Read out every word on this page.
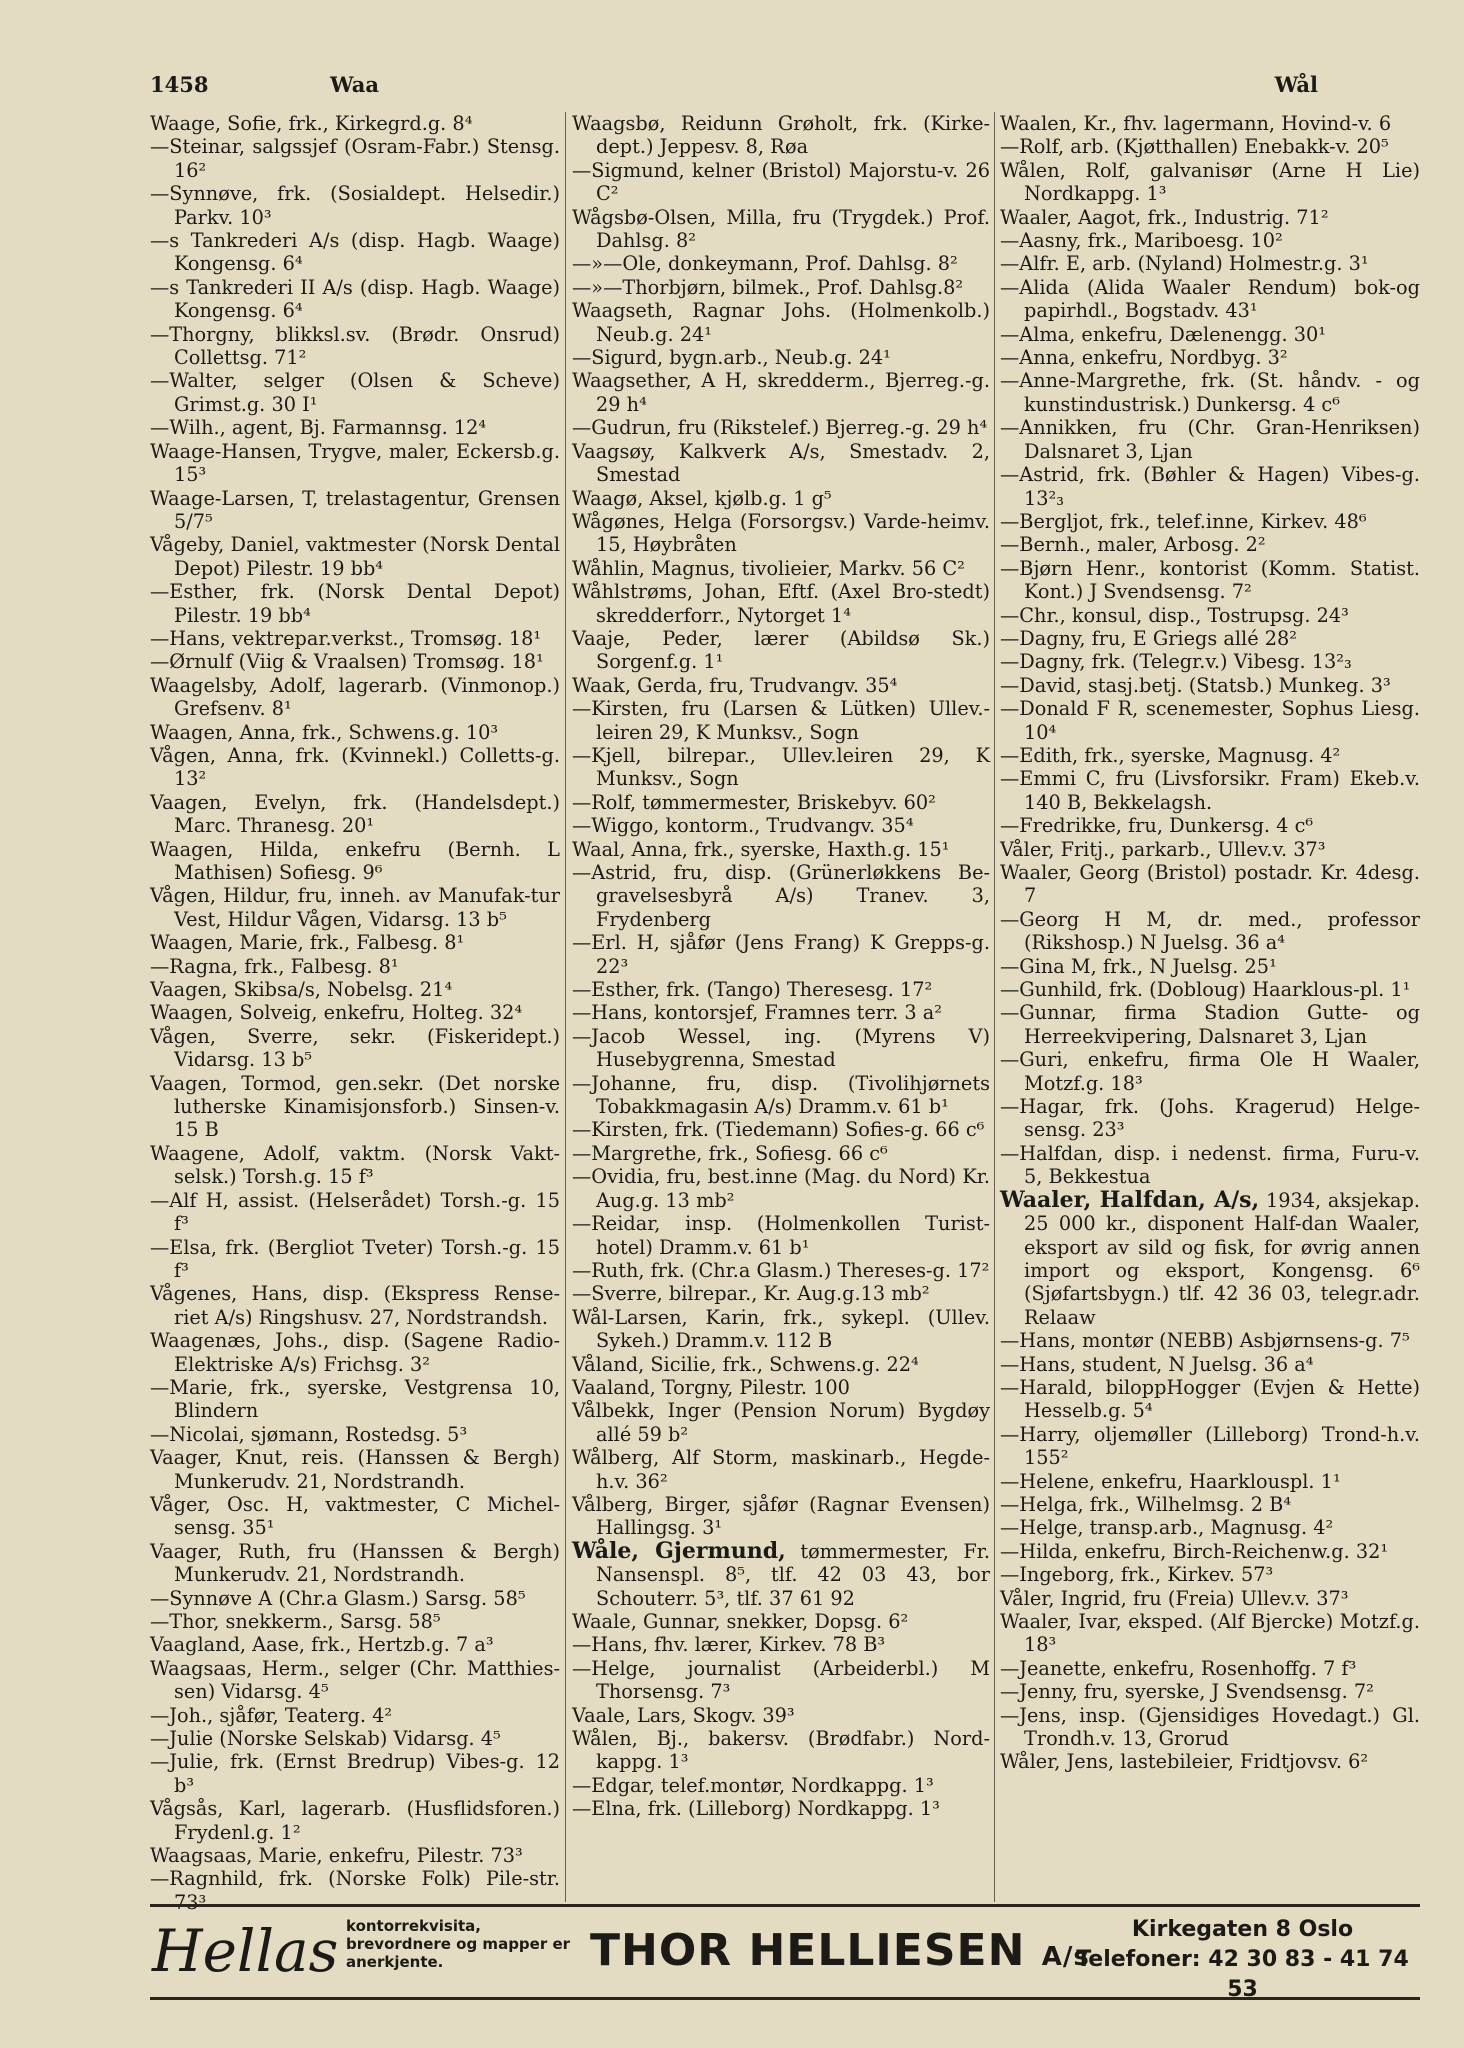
1458	Waa	Wål

Waage, Sofie, frk., Kirkegrd.g. 8⁴

—Steinar, salgssjef (Osram-Fabr.) Stensg. 16²

—Synnøve, frk. (Sosialdept. Helsedir.) Parkv. 10³

—s Tankrederi A/s (disp. Hagb. Waage) Kongensg. 6⁴

—s Tankrederi II A/s (disp. Hagb. Waage) Kongensg. 6⁴

—Thorgny, blikksl.sv. (Brødr. Onsrud) Collettsg. 71²

—Walter, selger (Olsen & Scheve) Grimst.g. 30 I¹

—Wilh., agent, Bj. Farmannsg. 12⁴

Waage-Hansen, Trygve, maler, Eckersb.g. 15³

Waage-Larsen, T, trelastagentur, Grensen 5/7⁵

Vågeby, Daniel, vaktmester (Norsk Dental Depot) Pilestr. 19 bb⁴

—Esther, frk. (Norsk Dental Depot) Pilestr. 19 bb⁴

—Hans, vektrepar.verkst., Tromsøg. 18¹

—Ørnulf (Viig & Vraalsen) Tromsøg. 18¹

Waagelsby, Adolf, lagerarb. (Vinmonop.) Grefsenv. 8¹

Waagen, Anna, frk., Schwens.g. 10³

Vågen, Anna, frk. (Kvinnekl.) Colletts-g. 13²

Vaagen, Evelyn, frk. (Handelsdept.) Marc. Thranesg. 20¹

Waagen, Hilda, enkefru (Bernh. L Mathisen) Sofiesg. 9⁶

Vågen, Hildur, fru, inneh. av Manufak-tur Vest, Hildur Vågen, Vidarsg. 13 b⁵

Waagen, Marie, frk., Falbesg. 8¹

—Ragna, frk., Falbesg. 8¹

Vaagen, Skibsa/s, Nobelsg. 21⁴

Waagen, Solveig, enkefru, Holteg. 32⁴

Vågen, Sverre, sekr. (Fiskeridept.) Vidarsg. 13 b⁵

Vaagen, Tormod, gen.sekr. (Det norske lutherske Kinamisjonsforb.) Sinsen-v. 15 B

Waagene, Adolf, vaktm. (Norsk Vakt-selsk.) Torsh.g. 15 f³

—Alf H, assist. (Helserådet) Torsh.-g. 15 f³

—Elsa, frk. (Bergliot Tveter) Torsh.-g. 15 f³

Vågenes, Hans, disp. (Ekspress Rense-riet A/s) Ringshusv. 27, Nordstrandsh.

Waagenæs, Johs., disp. (Sagene Radio-Elektriske A/s) Frichsg. 3²

—Marie, frk., syerske, Vestgrensa 10, Blindern

—Nicolai, sjømann, Rostedsg. 5³

Vaager, Knut, reis. (Hanssen & Bergh) Munkerudv. 21, Nordstrandh.

Våger, Osc. H, vaktmester, C Michel-sensg. 35¹

Vaager, Ruth, fru (Hanssen & Bergh) Munkerudv. 21, Nordstrandh.

—Synnøve A (Chr.a Glasm.) Sarsg. 58⁵

—Thor, snekkerm., Sarsg. 58⁵

Vaagland, Aase, frk., Hertzb.g. 7 a³

Waagsaas, Herm., selger (Chr. Matthies-sen) Vidarsg. 4⁵

—Joh., sjåfør, Teaterg. 4²

—Julie (Norske Selskab) Vidarsg. 4⁵

—Julie, frk. (Ernst Bredrup) Vibes-g. 12 b³

Vågsås, Karl, lagerarb. (Husflidsforen.) Frydenl.g. 1²

Waagsaas, Marie, enkefru, Pilestr. 73³

—Ragnhild, frk. (Norske Folk) Pile-str. 73³

Waagsbø, Reidunn Grøholt, frk. (Kirke-dept.) Jeppesv. 8, Røa

—Sigmund, kelner (Bristol) Majorstu-v. 26 C²

Wågsbø-Olsen, Milla, fru (Trygdek.) Prof. Dahlsg. 8²

—»—Ole, donkeymann, Prof. Dahlsg. 8²

—»—Thorbjørn, bilmek., Prof. Dahlsg.8²

Waagseth, Ragnar Johs. (Holmenkolb.) Neub.g. 24¹

—Sigurd, bygn.arb., Neub.g. 24¹

Waagsether, A H, skredderm., Bjerreg.-g. 29 h⁴

—Gudrun, fru (Rikstelef.) Bjerreg.-g. 29 h⁴

Vaagsøy, Kalkverk A/s, Smestadv. 2, Smestad

Waagø, Aksel, kjølb.g. 1 g⁵

Wågønes, Helga (Forsorgsv.) Varde-heimv. 15, Høybråten

Wåhlin, Magnus, tivolieier, Markv. 56 C²

Wåhlstrøms, Johan, Eftf. (Axel Bro-stedt) skredderforr., Nytorget 1⁴

Vaaje, Peder, lærer (Abildsø Sk.) Sorgenf.g. 1¹

Waak, Gerda, fru, Trudvangv. 35⁴

—Kirsten, fru (Larsen & Lütken) Ullev.-leiren 29, K Munksv., Sogn

—Kjell, bilrepar., Ullev.leiren 29, K Munksv., Sogn

—Rolf, tømmermester, Briskebyv. 60²

—Wiggo, kontorm., Trudvangv. 35⁴

Waal, Anna, frk., syerske, Haxth.g. 15¹

—Astrid, fru, disp. (Grünerløkkens Be-gravelsesbyrå A/s) Tranev. 3, Frydenberg

—Erl. H, sjåfør (Jens Frang) K Grepps-g. 22³

—Esther, frk. (Tango) Theresesg. 17²

—Hans, kontorsjef, Framnes terr. 3 a²

—Jacob Wessel, ing. (Myrens V) Husebygrenna, Smestad

—Johanne, fru, disp. (Tivolihjørnets Tobakkmagasin A/s) Dramm.v. 61 b¹

—Kirsten, frk. (Tiedemann) Sofies-g. 66 c⁶

—Margrethe, frk., Sofiesg. 66 c⁶

—Ovidia, fru, best.inne (Mag. du Nord) Kr. Aug.g. 13 mb²

—Reidar, insp. (Holmenkollen Turist-hotel) Dramm.v. 61 b¹

—Ruth, frk. (Chr.a Glasm.) Thereses-g. 17²

—Sverre, bilrepar., Kr. Aug.g.13 mb²

Wål-Larsen, Karin, frk., sykepl. (Ullev. Sykeh.) Dramm.v. 112 B

Våland, Sicilie, frk., Schwens.g. 22⁴

Vaaland, Torgny, Pilestr. 100

Vålbekk, Inger (Pension Norum) Bygdøy allé 59 b²

Wålberg, Alf Storm, maskinarb., Hegde-h.v. 36²

Vålberg, Birger, sjåfør (Ragnar Evensen) Hallingsg. 3¹

Wåle, Gjermund, tømmermester, Fr. Nansenspl. 8⁵, tlf. 42 03 43, bor Schouterr. 5³, tlf. 37 61 92

Waale, Gunnar, snekker, Dopsg. 6²

—Hans, fhv. lærer, Kirkev. 78 B³

—Helge, journalist (Arbeiderbl.) M Thorsensg. 7³

Vaale, Lars, Skogv. 39³

Wålen, Bj., bakersv. (Brødfabr.) Nord-kappg. 1³

—Edgar, telef.montør, Nordkappg. 1³

—Elna, frk. (Lilleborg) Nordkappg. 1³

Waalen, Kr., fhv. lagermann, Hovind-v. 6

—Rolf, arb. (Kjøtthallen) Enebakk-v. 20⁵

Wålen, Rolf, galvanisør (Arne H Lie) Nordkappg. 1³

Waaler, Aagot, frk., Industrig. 71²

—Aasny, frk., Mariboesg. 10²

—Alfr. E, arb. (Nyland) Holmestr.g. 3¹

—Alida (Alida Waaler Rendum) bok-og papirhdl., Bogstadv. 43¹

—Alma, enkefru, Dælenengg. 30¹

—Anna, enkefru, Nordbyg. 3²

—Anne-Margrethe, frk. (St. håndv. - og kunstindustrisk.) Dunkersg. 4 c⁶

—Annikken, fru (Chr. Gran-Henriksen) Dalsnaret 3, Ljan

—Astrid, frk. (Bøhler & Hagen) Vibes-g. 13²₃

—Bergljot, frk., telef.inne, Kirkev. 48⁶

—Bernh., maler, Arbosg. 2²

—Bjørn Henr., kontorist (Komm. Statist. Kont.) J Svendsensg. 7²

—Chr., konsul, disp., Tostrupsg. 24³

—Dagny, fru, E Griegs allé 28²

—Dagny, frk. (Telegr.v.) Vibesg. 13²₃

—David, stasj.betj. (Statsb.) Munkeg. 3³

—Donald F R, scenemester, Sophus Liesg. 10⁴

—Edith, frk., syerske, Magnusg. 4²

—Emmi C, fru (Livsforsikr. Fram) Ekeb.v. 140 B, Bekkelagsh.

—Fredrikke, fru, Dunkersg. 4 c⁶

Våler, Fritj., parkarb., Ullev.v. 37³

Waaler, Georg (Bristol) postadr. Kr. 4desg. 7

—Georg H M, dr. med., professor (Rikshosp.) N Juelsg. 36 a⁴

—Gina M, frk., N Juelsg. 25¹

—Gunhild, frk. (Dobloug) Haarklous-pl. 1¹

—Gunnar, firma Stadion Gutte- og Herreekvipering, Dalsnaret 3, Ljan

—Guri, enkefru, firma Ole H Waaler, Motzf.g. 18³

—Hagar, frk. (Johs. Kragerud) Helge-sensg. 23³

—Halfdan, disp. i nedenst. firma, Furu-v. 5, Bekkestua

Waaler, Halfdan, A/s, 1934, aksjekap. 25 000 kr., disponent Half-dan Waaler, eksport av sild og fisk, for øvrig annen import og eksport, Kongensg. 6⁶ (Sjøfartsbygn.) tlf. 42 36 03, telegr.adr. Relaaw

—Hans, montør (NEBB) Asbjørnsens-g. 7⁵

—Hans, student, N Juelsg. 36 a⁴

—Harald, biloppHogger (Evjen & Hette) Hesselb.g. 5⁴

—Harry, oljemøller (Lilleborg) Trond-h.v. 155²

—Helene, enkefru, Haarklouspl. 1¹

—Helga, frk., Wilhelmsg. 2 B⁴

—Helge, transp.arb., Magnusg. 4²

—Hilda, enkefru, Birch-Reichenw.g. 32¹

—Ingeborg, frk., Kirkev. 57³

Våler, Ingrid, fru (Freia) Ullev.v. 37³

Waaler, Ivar, eksped. (Alf Bjercke) Motzf.g. 18³

—Jeanette, enkefru, Rosenhoffg. 7 f³

—Jenny, fru, syerske, J Svendsensg. 7²

—Jens, insp. (Gjensidiges Hovedagt.) Gl. Trondh.v. 13, Grorud

Wåler, Jens, lastebileier, Fridtjovsv. 6²

Hellas kontorrekvisita, brevordnere og mapper er anerkjente.	THOR HELLIESEN A/s
Kirkegaten 8 Oslo
Telefoner: 42 30 83 - 41 74 53
